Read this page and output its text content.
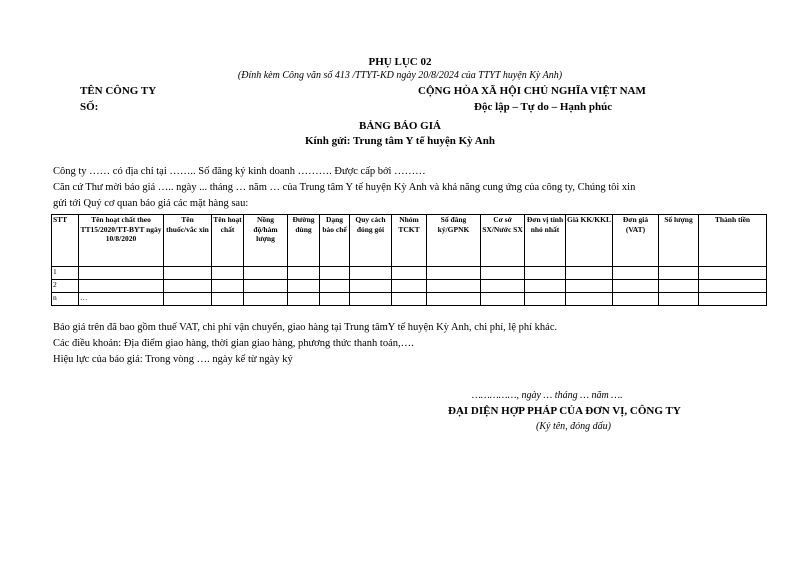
PHỤ LỤC 02
(Đính kèm Công văn số 413 /TTYT-KD ngày 20/8/2024 của TTYT huyện Kỳ Anh)
TÊN CÔNG TY
SỐ:
CỘNG HÒA XÃ HỘI CHỦ NGHĨA VIỆT NAM
Độc lập – Tự do – Hạnh phúc
BẢNG BÁO GIÁ
Kính gửi: Trung tâm Y tế huyện Kỳ Anh
Công ty …… có địa chỉ tại …….. Số đăng ký kinh doanh ………. Được cấp bởi ………
Căn cứ Thư mời báo giá ….. ngày ... tháng … năm … của Trung tâm Y tế huyện Kỳ Anh và khả năng cung ứng của công ty, Chúng tôi xin
gửi tới Quý cơ quan báo giá các mặt hàng sau:
STT	Tên hoạt chất theo TT15/2020/TT-BYT ngày 10/8/2020	Tên thuốc/vắc xin	Tên hoạt chất	Nồng độ/hàm lượng	Đường dùng	Dạng bào chế	Quy cách đóng gói	Nhóm TCKT	Số đăng ký/GPNK	Cơ sở SX/Nước SX	Đơn vị tính nhỏ nhất	Giá KK/KKL	Đơn giá (VAT)	Số lượng	Thành tiền
1															
2															
n	…														
Báo giá trên đã bao gồm thuế VAT, chi phí vận chuyển, giao hàng tại Trung tâmY tế huyện Kỳ Anh, chi phí, lệ phí khác.
Các điều khoản: Địa điểm giao hàng, thời gian giao hàng, phương thức thanh toán,….
Hiệu lực của báo giá: Trong vòng …. ngày kể từ ngày ký
……………, ngày … tháng … năm ….
ĐẠI DIỆN HỢP PHÁP CỦA ĐƠN VỊ, CÔNG TY
(Ký tên, đóng dấu)
